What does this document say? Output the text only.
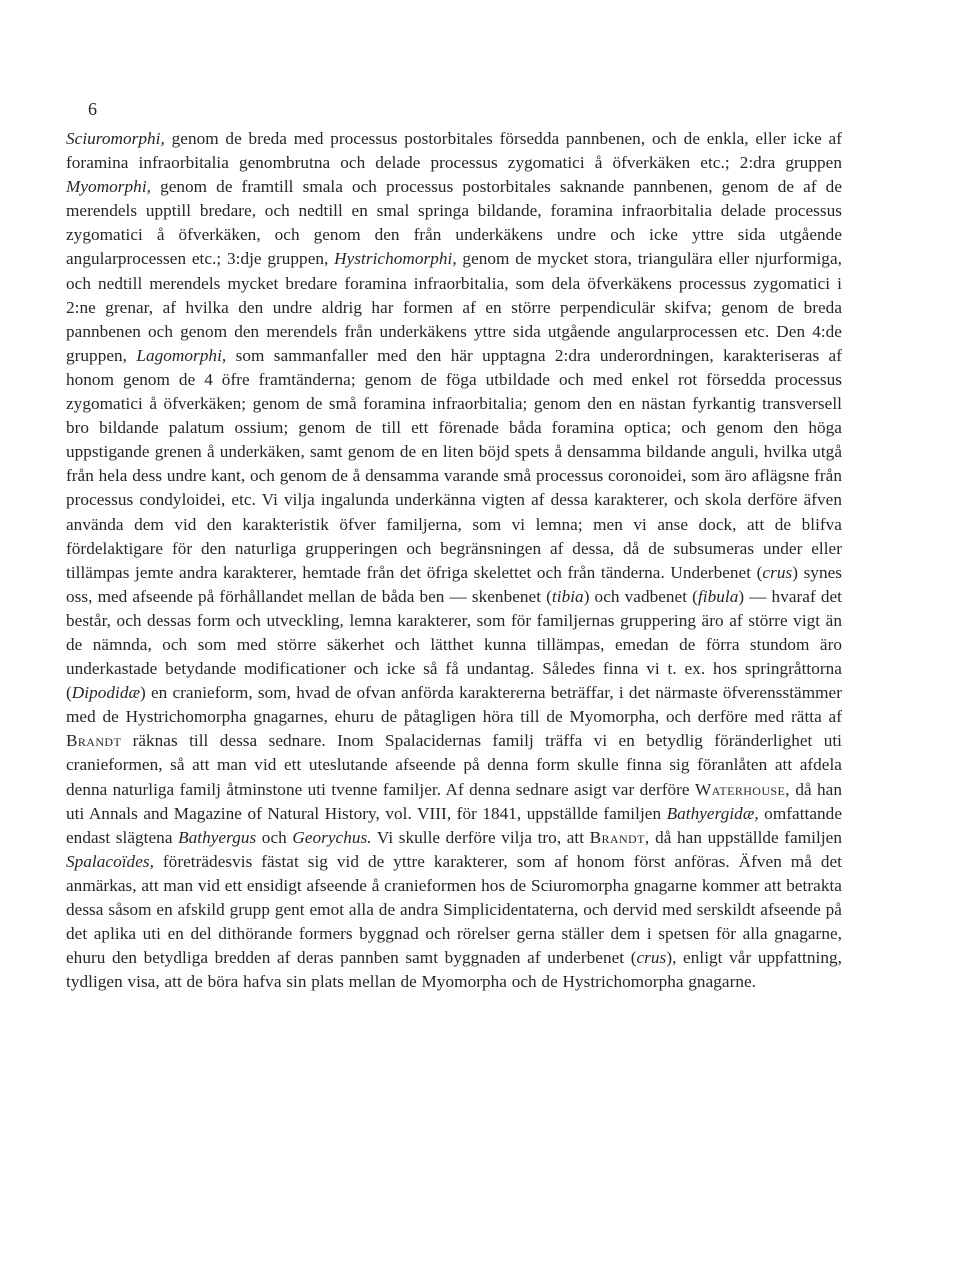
6

Sciuromorphi, genom de breda med processus postorbitales försedda pannbenen, och de enkla, eller icke af foramina infraorbitalia genombrutna och delade processus zygomatici å öfverkäken etc.; 2:dra gruppen Myomorphi, genom de framtill smala och processus postorbitales saknande pannbenen, genom de af de merendels upptill bredare, och nedtill en smal springa bildande, foramina infraorbitalia delade processus zygomatici å öfverkäken, och genom den från underkäkens undre och icke yttre sida utgående angularprocessen etc.; 3:dje gruppen, Hystrichomorphi, genom de mycket stora, triangulära eller njurformiga, och nedtill merendels mycket bredare foramina infraorbitalia, som dela öfverkäkens processus zygomatici i 2:ne grenar, af hvilka den undre aldrig har formen af en större perpendiculär skifva; genom de breda pannbenen och genom den merendels från underkäkens yttre sida utgående angularprocessen etc. Den 4:de gruppen, Lagomorphi, som sammanfaller med den här upptagna 2:dra underordningen, karakteriseras af honom genom de 4 öfre framtänderna; genom de föga utbildade och med enkel rot försedda processus zygomatici å öfverkäken; genom de små foramina infraorbitalia; genom den en nästan fyrkantig transversell bro bildande palatum ossium; genom de till ett förenade båda foramina optica; och genom den höga uppstigande grenen å underkäken, samt genom de en liten böjd spets å densamma bildande anguli, hvilka utgå från hela dess undre kant, och genom de å densamma varande små processus coronoidei, som äro aflägsne från processus condyloidei, etc. Vi vilja ingalunda underkänna vigten af dessa karakterer, och skola derföre äfven använda dem vid den karakteristik öfver familjerna, som vi lemna; men vi anse dock, att de blifva fördelaktigare för den naturliga grupperingen och begränsningen af dessa, då de subsumeras under eller tillämpas jemte andra karakterer, hemtade från det öfriga skelettet och från tänderna. Underbenet (crus) synes oss, med afseende på förhållandet mellan de båda ben — skenbenet (tibia) och vadbenet (fibula) — hvaraf det består, och dessas form och utveckling, lemna karakterer, som för familjernas gruppering äro af större vigt än de nämnda, och som med större säkerhet och lätthet kunna tillämpas, emedan de förra stundom äro underkastade betydande modificationer och icke så få undantag. Således finna vi t. ex. hos springråttorna (Dipodidæ) en cranieform, som, hvad de ofvan anförda karaktererna beträffar, i det närmaste öfverensstämmer med de Hystrichomorpha gnagarnes, ehuru de påtagligen höra till de Myomorpha, och derföre med rätta af Brandt räknas till dessa sednare. Inom Spalacidernas familj träffa vi en betydlig föränderlighet uti cranieformen, så att man vid ett uteslutande afseende på denna form skulle finna sig föranlåten att afdela denna naturliga familj åtminstone uti tvenne familjer. Af denna sednare asigt var derföre Waterhouse, då han uti Annals and Magazine of Natural History, vol. VIII, för 1841, uppställde familjen Bathyergidæ, omfattande endast slägtena Bathyergus och Georychus. Vi skulle derföre vilja tro, att Brandt, då han uppställde familjen Spalacoïdes, företrädesvis fästat sig vid de yttre karakterer, som af honom först anföras. Äfven må det anmärkas, att man vid ett ensidigt afseende å cranieformen hos de Sciuromorpha gnagarne kommer att betrakta dessa såsom en afskild grupp gent emot alla de andra Simplicidentaterna, och dervid med serskildt afseende på det aplika uti en del dithörande formers byggnad och rörelser gerna ställer dem i spetsen för alla gnagarne, ehuru den betydliga bredden af deras pannben samt byggnaden af underbenet (crus), enligt vår uppfattning, tydligen visa, att de böra hafva sin plats mellan de Myomorpha och de Hystrichomorpha gnagarne.
